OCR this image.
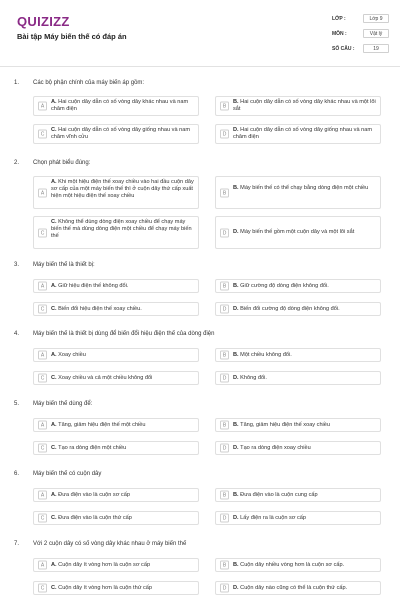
QUIZIZZ
Bài tập Máy biến thế có đáp án
LỚP :	Lớp 9
MÔN :	Vật lý
SỐ CÂU :	19
1. Các bộ phận chính của máy biến áp gồm:
A
A. Hai cuộn dây dẫn có số vòng dây khác nhau và nam châm điện	B
B. Hai cuộn dây dẫn có số vòng dây khác nhau và một lõi sắt
C
C. Hai cuộn dây dẫn có số vòng dây giống nhau và nam châm vĩnh cửu	D
D. Hai cuộn dây dẫn có số vòng dây giống nhau và nam châm điện
2. Chọn phát biểu đúng:
A
A. Khi một hiệu điện thế xoay chiều vào hai đầu cuộn dây sơ cấp của một máy biến thế thì ở cuộn dây thứ cấp xuất hiện một hiệu điện thế xoay chiều	B
B. Máy biến thế có thể chạy bằng dòng điện một chiều
C
C. Không thể dùng dòng điện xoay chiều để chạy máy biến thế mà dùng dòng điện một chiều để chạy máy biến thế	D	D. Máy biến thế gồm một cuộn dây và một lõi sắt
3. Máy biến thế là thiết bị:
A	A. Giữ hiệu điện thế không đổi.	B	B. Giữ cường độ dòng điện không đổi.
C	C. Biến đổi hiệu điện thế xoay chiều.	D	D. Biến đổi cường độ dòng điện không đổi.
4. Máy biến thế là thiết bị dùng để biến đổi hiệu điện thế của dòng điện
A	A. Xoay chiều	B	B. Một chiều không đổi.
C	C. Xoay chiều và cả một chiều không đổi	D	D. Không đổi.
5. Máy biến thế dùng để:
A	A. Tăng, giảm hiệu điện thế một chiều	B	B. Tăng, giảm hiệu điện thế xoay chiều
C	C. Tạo ra dòng điện một chiều	D	D. Tạo ra dòng điện xoay chiều
6. Máy biến thế có cuộn dây
A	A. Đưa điện vào là cuộn sơ cấp	B	B. Đưa điện vào là cuộn cung cấp
C	C. Đưa điện vào là cuộn thứ cấp	D	D. Lấy điện ra là cuộn sơ cấp
7. Với 2 cuộn dây có số vòng dây khác nhau ở máy biến thế
A	A. Cuộn dây ít vòng hơn là cuộn sơ cấp	B	B. Cuộn dây nhiều vòng hơn là cuộn sơ cấp.
C	C. Cuộn dây ít vòng hơn là cuộn thứ cấp	D	D. Cuộn dây nào cũng có thể là cuộn thứ cấp.
